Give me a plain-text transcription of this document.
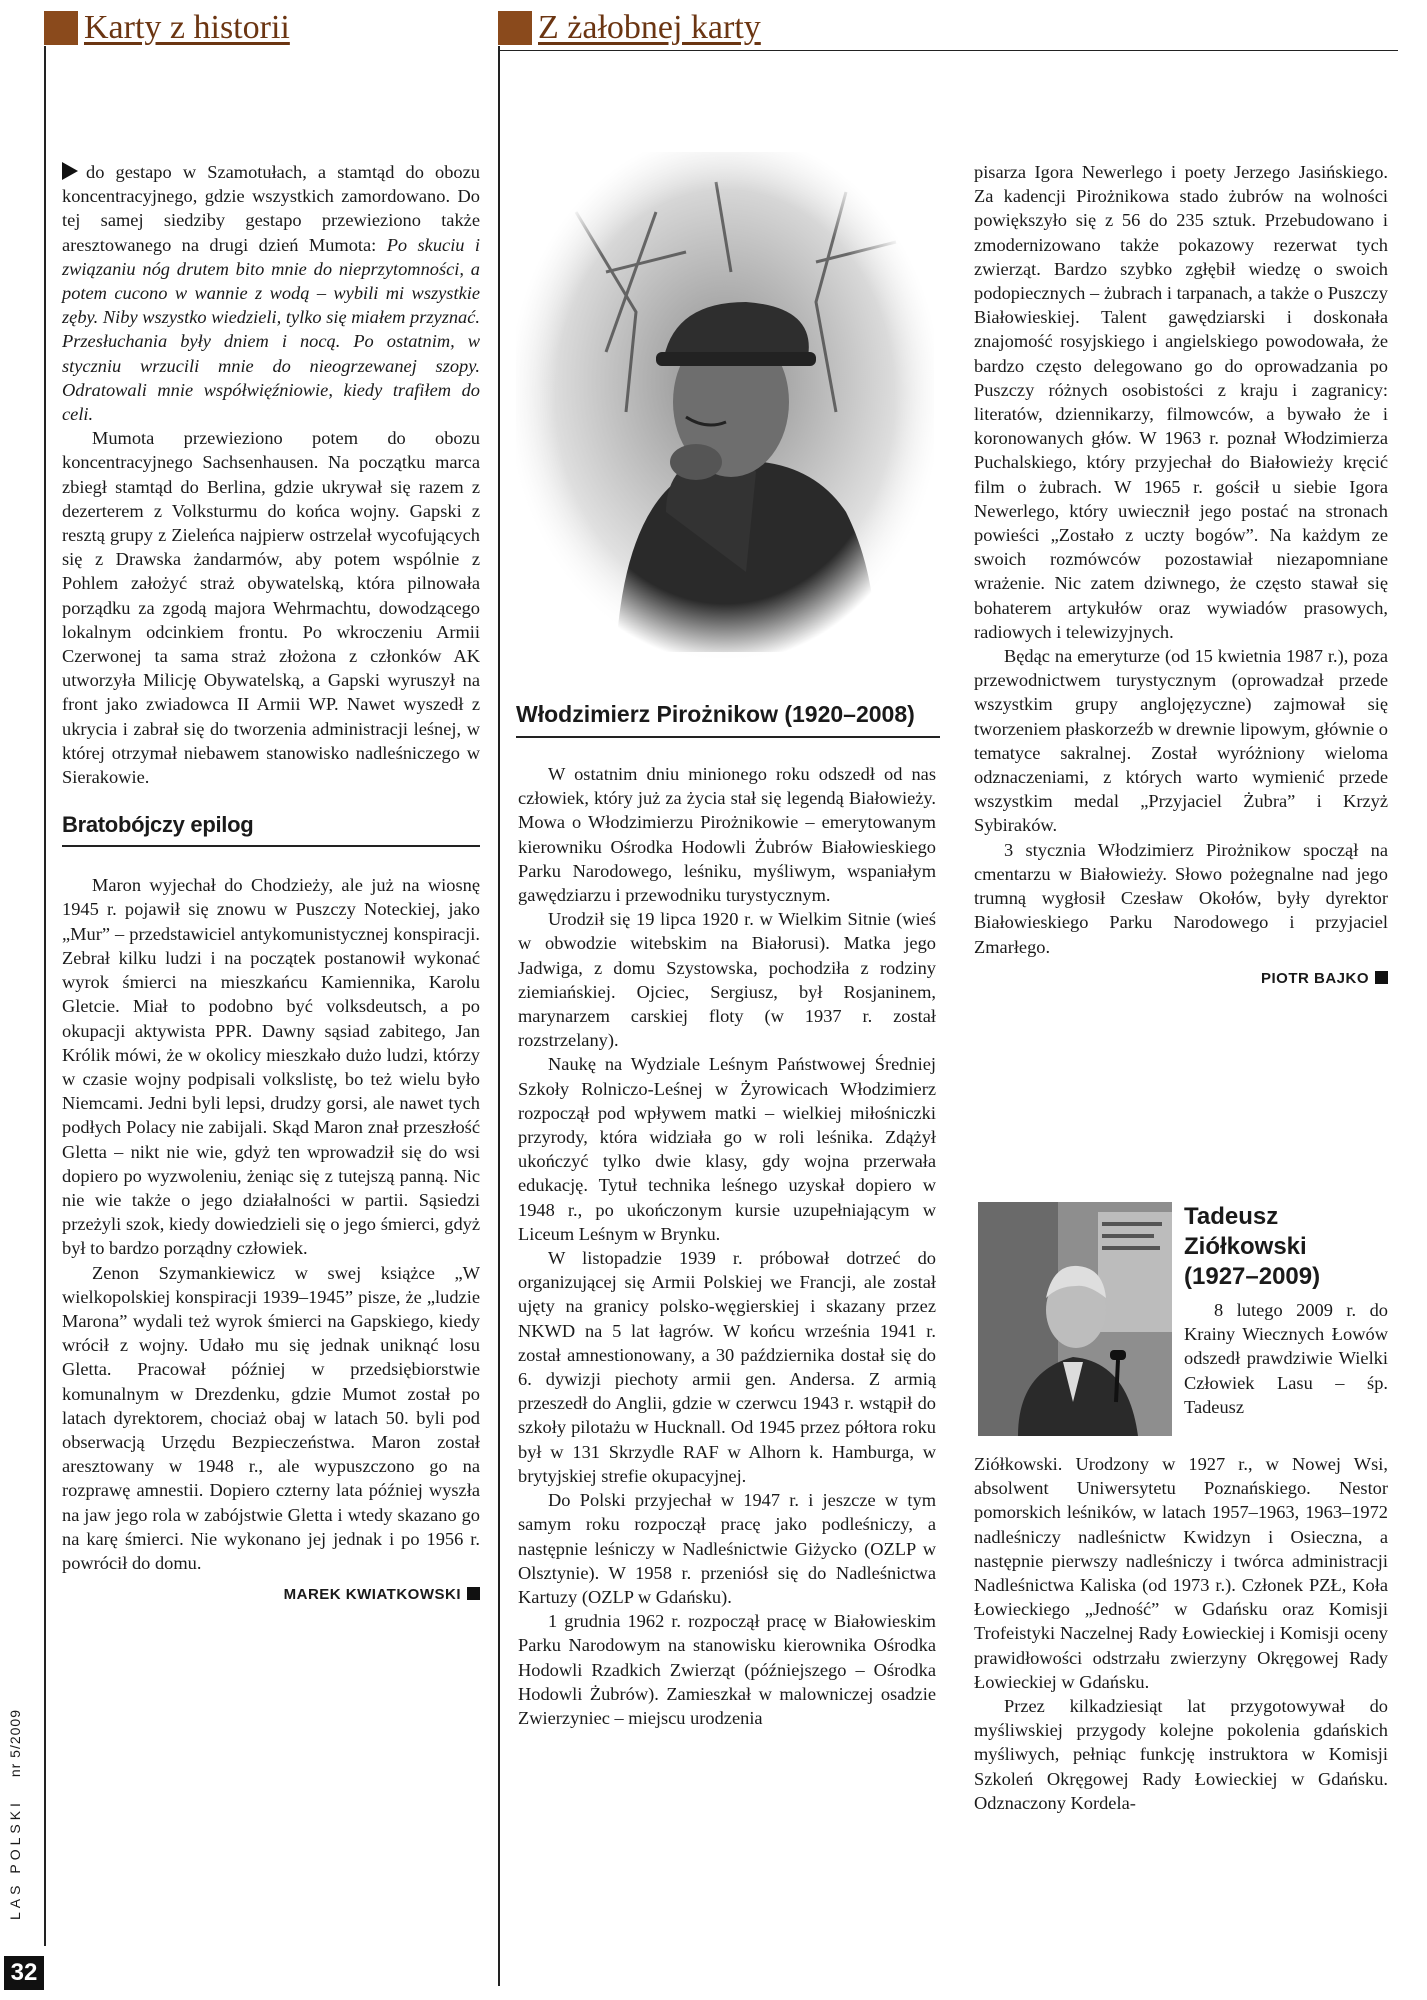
Karty z historii	Z żałobnej karty

do gestapo w Szamotułach, a stamtąd do obozu koncentracyjnego, gdzie wszystkich zamordowano. Do tej samej siedziby gestapo przewieziono także aresztowanego na drugi dzień Mumota: Po skuciu i związaniu nóg drutem bito mnie do nieprzytomności, a potem cucono w wannie z wodą – wybili mi wszystkie zęby. Niby wszystko wiedzieli, tylko się miałem przyznać. Przesłuchania były dniem i nocą. Po ostatnim, w styczniu wrzucili mnie do nieogrzewanej szopy. Odratowali mnie współwięźniowie, kiedy trafiłem do celi.

Mumota przewieziono potem do obozu koncentracyjnego Sachsenhausen. Na początku marca zbiegł stamtąd do Berlina, gdzie ukrywał się razem z dezerterem z Volksturmu do końca wojny. Gapski z resztą grupy z Zieleńca najpierw ostrzelał wycofujących się z Drawska żandarmów, aby potem wspólnie z Pohlem założyć straż obywatelską, która pilnowała porządku za zgodą majora Wehrmachtu, dowodzącego lokalnym odcinkiem frontu. Po wkroczeniu Armii Czerwonej ta sama straż złożona z członków AK utworzyła Milicję Obywatelską, a Gapski wyruszył na front jako zwiadowca II Armii WP. Nawet wyszedł z ukrycia i zabrał się do tworzenia administracji leśnej, w której otrzymał niebawem stanowisko nadleśniczego w Sierakowie.

Bratobójczy epilog

Maron wyjechał do Chodzieży, ale już na wiosnę 1945 r. pojawił się znowu w Puszczy Noteckiej, jako „Mur” – przedstawiciel antykomunistycznej konspiracji. Zebrał kilku ludzi i na początek postanowił wykonać wyrok śmierci na mieszkańcu Kamiennika, Karolu Gletcie. Miał to podobno być volksdeutsch, a po okupacji aktywista PPR. Dawny sąsiad zabitego, Jan Królik mówi, że w okolicy mieszkało dużo ludzi, którzy w czasie wojny podpisali volkslistę, bo też wielu było Niemcami. Jedni byli lepsi, drudzy gorsi, ale nawet tych podłych Polacy nie zabijali. Skąd Maron znał przeszłość Gletta – nikt nie wie, gdyż ten wprowadził się do wsi dopiero po wyzwoleniu, żeniąc się z tutejszą panną. Nic nie wie także o jego działalności w partii. Sąsiedzi przeżyli szok, kiedy dowiedzieli się o jego śmierci, gdyż był to bardzo porządny człowiek.

Zenon Szymankiewicz w swej książce „W wielkopolskiej konspiracji 1939–1945” pisze, że „ludzie Marona” wydali też wyrok śmierci na Gapskiego, kiedy wrócił z wojny. Udało mu się jednak uniknąć losu Gletta. Pracował później w przedsiębiorstwie komunalnym w Drezdenku, gdzie Mumot został po latach dyrektorem, chociaż obaj w latach 50. byli pod obserwacją Urzędu Bezpieczeństwa. Maron został aresztowany w 1948 r., ale wypuszczono go na rozprawę amnestii. Dopiero czterny lata później wyszła na jaw jego rola w zabójstwie Gletta i wtedy skazano go na karę śmierci. Nie wykonano jej jednak i po 1956 r. powrócił do domu.

MAREK KWIATKOWSKI
Włodzimierz Pirożnikow (1920–2008)

W ostatnim dniu minionego roku odszedł od nas człowiek, który już za życia stał się legendą Białowieży. Mowa o Włodzimierzu Pirożnikowie – emerytowanym kierowniku Ośrodka Hodowli Żubrów Białowieskiego Parku Narodowego, leśniku, myśliwym, wspaniałym gawędziarzu i przewodniku turystycznym.

Urodził się 19 lipca 1920 r. w Wielkim Sitnie (wieś w obwodzie witebskim na Białorusi). Matka jego Jadwiga, z domu Szystowska, pochodziła z rodziny ziemiańskiej. Ojciec, Sergiusz, był Rosjaninem, marynarzem carskiej floty (w 1937 r. został rozstrzelany).

Naukę na Wydziale Leśnym Państwowej Średniej Szkoły Rolniczo-Leśnej w Żyrowicach Włodzimierz rozpoczął pod wpływem matki – wielkiej miłośniczki przyrody, która widziała go w roli leśnika. Zdążył ukończyć tylko dwie klasy, gdy wojna przerwała edukację. Tytuł technika leśnego uzyskał dopiero w 1948 r., po ukończonym kursie uzupełniającym w Liceum Leśnym w Brynku.

W listopadzie 1939 r. próbował dotrzeć do organizującej się Armii Polskiej we Francji, ale został ujęty na granicy polsko-węgierskiej i skazany przez NKWD na 5 lat łagrów. W końcu września 1941 r. został amnestionowany, a 30 października dostał się do 6. dywizji piechoty armii gen. Andersa. Z armią przeszedł do Anglii, gdzie w czerwcu 1943 r. wstąpił do szkoły pilotażu w Hucknall. Od 1945 przez półtora roku był w 131 Skrzydle RAF w Alhorn k. Hamburga, w brytyjskiej strefie okupacyjnej.

Do Polski przyjechał w 1947 r. i jeszcze w tym samym roku rozpoczął pracę jako podleśniczy, a następnie leśniczy w Nadleśnictwie Giżycko (OZLP w Olsztynie). W 1958 r. przeniósł się do Nadleśnictwa Kartuzy (OZLP w Gdańsku).

1 grudnia 1962 r. rozpoczął pracę w Białowieskim Parku Narodowym na stanowisku kierownika Ośrodka Hodowli Rzadkich Zwierząt (późniejszego – Ośrodka Hodowli Żubrów). Zamieszkał w malowniczej osadzie Zwierzyniec – miejscu urodzenia

pisarza Igora Newerlego i poety Jerzego Jasińskiego. Za kadencji Pirożnikowa stado żubrów na wolności powiększyło się z 56 do 235 sztuk. Przebudowano i zmodernizowano także pokazowy rezerwat tych zwierząt. Bardzo szybko zgłębił wiedzę o swoich podopiecznych – żubrach i tarpanach, a także o Puszczy Białowieskiej. Talent gawędziarski i doskonała znajomość rosyjskiego i angielskiego powodowała, że bardzo często delegowano go do oprowadzania po Puszczy różnych osobistości z kraju i zagranicy: literatów, dziennikarzy, filmowców, a bywało że i koronowanych głów. W 1963 r. poznał Włodzimierza Puchalskiego, który przyjechał do Białowieży kręcić film o żubrach. W 1965 r. gościł u siebie Igora Newerlego, który uwiecznił jego postać na stronach powieści „Zostało z uczty bogów”. Na każdym ze swoich rozmówców pozostawiał niezapomniane wrażenie. Nic zatem dziwnego, że często stawał się bohaterem artykułów oraz wywiadów prasowych, radiowych i telewizyjnych.

Będąc na emeryturze (od 15 kwietnia 1987 r.), poza przewodnictwem turystycznym (oprowadzał przede wszystkim grupy anglojęzyczne) zajmował się tworzeniem płaskorzeźb w drewnie lipowym, głównie o tematyce sakralnej. Został wyróżniony wieloma odznaczeniami, z których warto wymienić przede wszystkim medal „Przyjaciel Żubra” i Krzyż Sybiraków.

3 stycznia Włodzimierz Pirożnikow spoczął na cmentarzu w Białowieży. Słowo pożegnalne nad jego trumną wygłosił Czesław Okołów, były dyrektor Białowieskiego Parku Narodowego i przyjaciel Zmarłego.

PIOTR BAJKO
Tadeusz
Ziółkowski
(1927–2009)

8 lutego 2009 r. do Krainy Wiecznych Łowów odszedł prawdziwie Wielki Człowiek Lasu – śp. Tadeusz

Ziółkowski. Urodzony w 1927 r., w Nowej Wsi, absolwent Uniwersytetu Poznańskiego. Nestor pomorskich leśników, w latach 1957–1963, 1963–1972 nadleśniczy nadleśnictw Kwidzyn i Osieczna, a następnie pierwszy nadleśniczy i twórca administracji Nadleśnictwa Kaliska (od 1973 r.). Członek PZŁ, Koła Łowieckiego „Jedność” w Gdańsku oraz Komisji Trofeistyki Naczelnej Rady Łowieckiej i Komisji oceny prawidłowości odstrzału zwierzyny Okręgowej Rady Łowieckiej w Gdańsku.

Przez kilkadziesiąt lat przygotowywał do myśliwskiej przygody kolejne pokolenia gdańskich myśliwych, pełniąc funkcję instruktora w Komisji Szkoleń Okręgowej Rady Łowieckiej w Gdańsku. Odznaczony Kordela-

LAS POLSKI nr 5/2009
32
